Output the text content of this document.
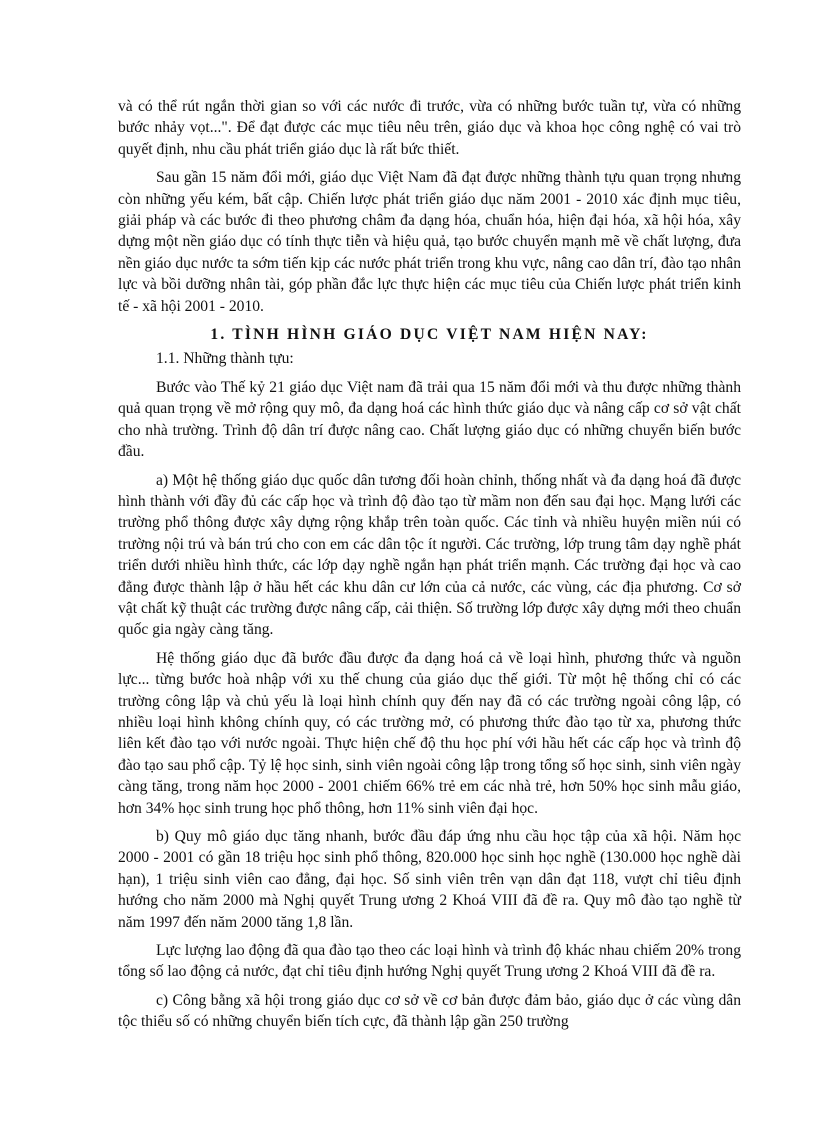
và có thể rút ngắn thời gian so với các nước đi trước, vừa có những bước tuần tự, vừa có những bước nhảy vọt...". Để đạt được các mục tiêu nêu trên, giáo dục và khoa học công nghệ có vai trò quyết định, nhu cầu phát triển giáo dục là rất bức thiết.

Sau gần 15 năm đổi mới, giáo dục Việt Nam đã đạt được những thành tựu quan trọng nhưng còn những yếu kém, bất cập. Chiến lược phát triển giáo dục năm 2001 - 2010 xác định mục tiêu, giải pháp và các bước đi theo phương châm đa dạng hóa, chuẩn hóa, hiện đại hóa, xã hội hóa, xây dựng một nền giáo dục có tính thực tiễn và hiệu quả, tạo bước chuyển mạnh mẽ về chất lượng, đưa nền giáo dục nước ta sớm tiến kịp các nước phát triển trong khu vực, nâng cao dân trí, đào tạo nhân lực và bồi dưỡng nhân tài, góp phần đắc lực thực hiện các mục tiêu của Chiến lược phát triển kinh tế - xã hội 2001 - 2010.

1. TÌNH HÌNH GIÁO DỤC VIỆT NAM HIỆN NAY:

1.1. Những thành tựu:

Bước vào Thế kỷ 21 giáo dục Việt nam đã trải qua 15 năm đổi mới và thu được những thành quả quan trọng về mở rộng quy mô, đa dạng hoá các hình thức giáo dục và nâng cấp cơ sở vật chất cho nhà trường. Trình độ dân trí được nâng cao. Chất lượng giáo dục có những chuyển biến bước đầu.

a) Một hệ thống giáo dục quốc dân tương đối hoàn chỉnh, thống nhất và đa dạng hoá đã được hình thành với đầy đủ các cấp học và trình độ đào tạo từ mầm non đến sau đại học. Mạng lưới các trường phổ thông được xây dựng rộng khắp trên toàn quốc. Các tỉnh và nhiều huyện miền núi có trường nội trú và bán trú cho con em các dân tộc ít người. Các trường, lớp trung tâm dạy nghề phát triển dưới nhiều hình thức, các lớp dạy nghề ngắn hạn phát triển mạnh. Các trường đại học và cao đẳng được thành lập ở hầu hết các khu dân cư lớn của cả nước, các vùng, các địa phương. Cơ sở vật chất kỹ thuật các trường được nâng cấp, cải thiện. Số trường lớp được xây dựng mới theo chuẩn quốc gia ngày càng tăng.

Hệ thống giáo dục đã bước đầu được đa dạng hoá cả về loại hình, phương thức và nguồn lực... từng bước hoà nhập với xu thế chung của giáo dục thế giới. Từ một hệ thống chỉ có các trường công lập và chủ yếu là loại hình chính quy đến nay đã có các trường ngoài công lập, có nhiều loại hình không chính quy, có các trường mở, có phương thức đào tạo từ xa, phương thức liên kết đào tạo với nước ngoài. Thực hiện chế độ thu học phí với hầu hết các cấp học và trình độ đào tạo sau phổ cập. Tỷ lệ học sinh, sinh viên ngoài công lập trong tổng số học sinh, sinh viên ngày càng tăng, trong năm học 2000 - 2001 chiếm 66% trẻ em các nhà trẻ, hơn 50% học sinh mẫu giáo, hơn 34% học sinh trung học phổ thông, hơn 11% sinh viên đại học.

b) Quy mô giáo dục tăng nhanh, bước đầu đáp ứng nhu cầu học tập của xã hội. Năm học 2000 - 2001 có gần 18 triệu học sinh phổ thông, 820.000 học sinh học nghề (130.000 học nghề dài hạn), 1 triệu sinh viên cao đẳng, đại học. Số sinh viên trên vạn dân đạt 118, vượt chỉ tiêu định hướng cho năm 2000 mà Nghị quyết Trung ương 2 Khoá VIII đã đề ra. Quy mô đào tạo nghề từ năm 1997 đến năm 2000 tăng 1,8 lần.

Lực lượng lao động đã qua đào tạo theo các loại hình và trình độ khác nhau chiếm 20% trong tổng số lao động cả nước, đạt chỉ tiêu định hướng Nghị quyết Trung ương 2 Khoá VIII đã đề ra.

c) Công bằng xã hội trong giáo dục cơ sở về cơ bản được đảm bảo, giáo dục ở các vùng dân tộc thiểu số có những chuyển biến tích cực, đã thành lập gần 250 trường
